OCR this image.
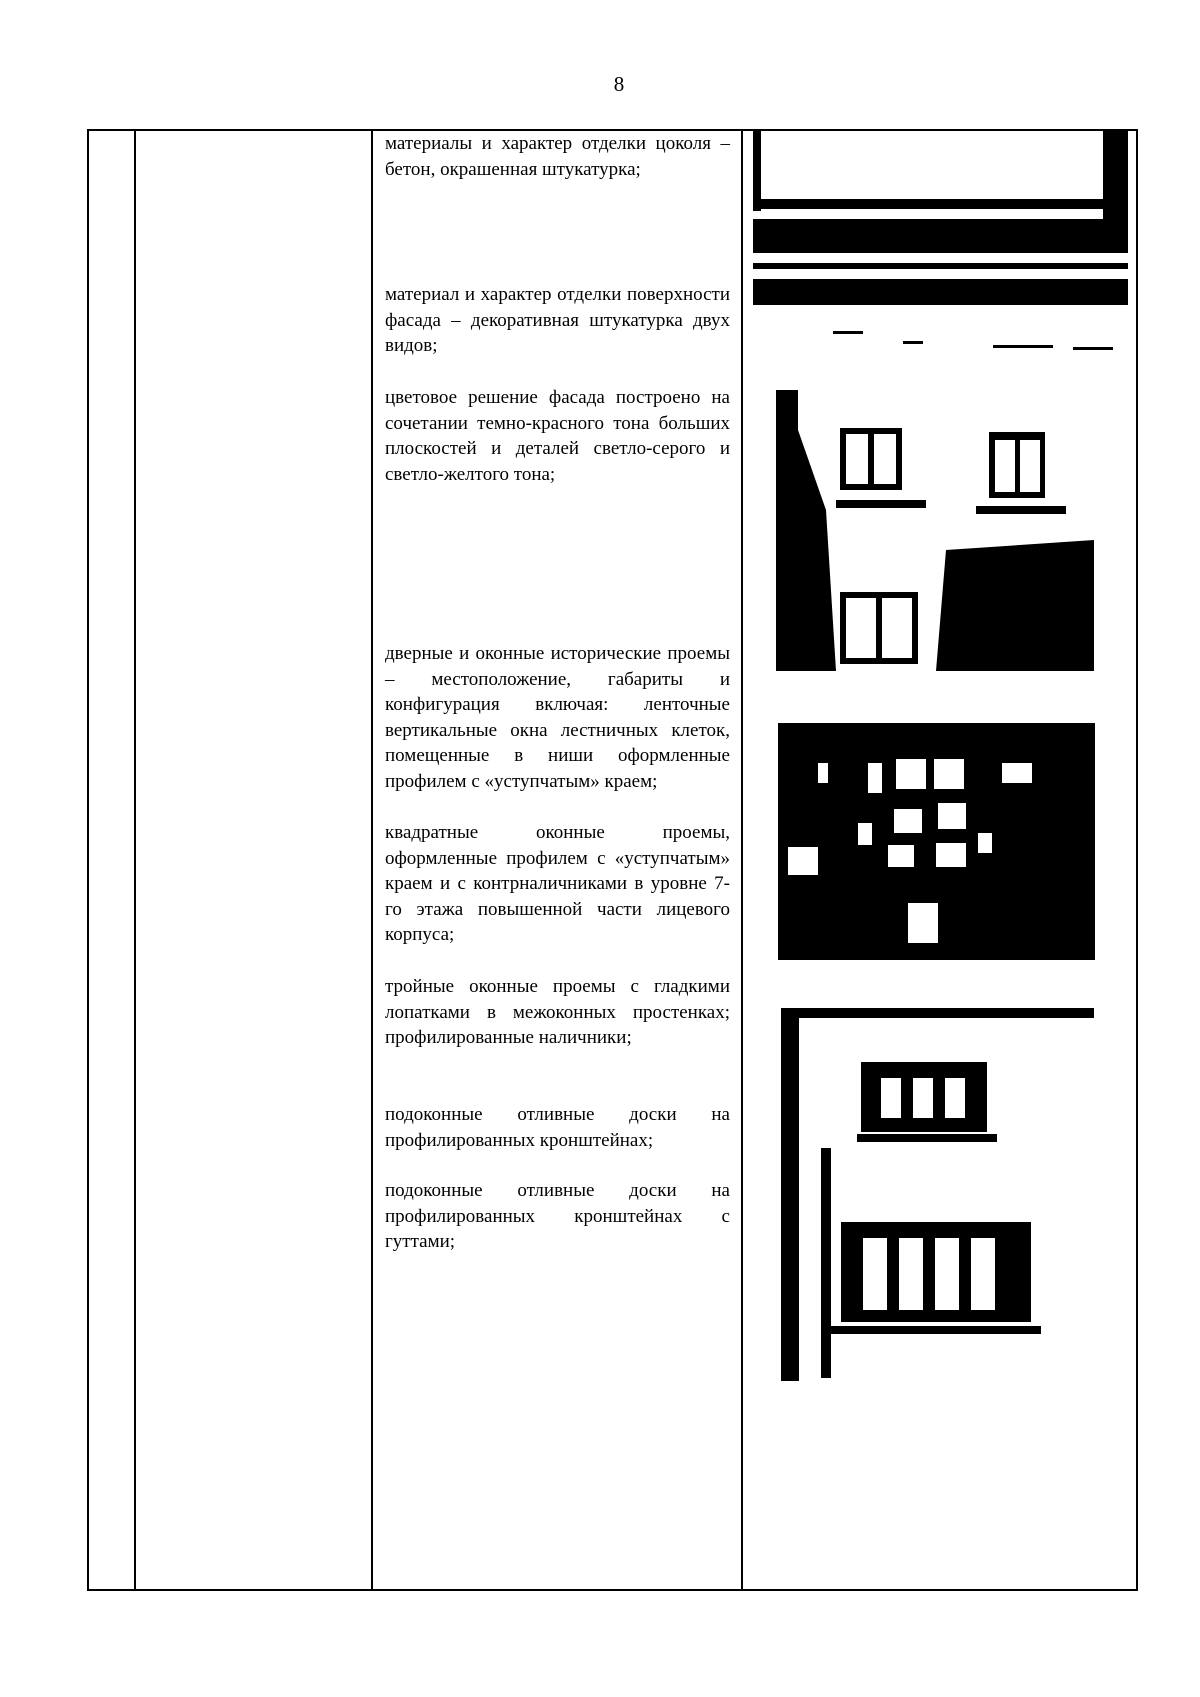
8

материалы и характер отделки цоколя – бетон, окрашенная штукатурка;

материал и характер отделки поверхности фасада – декоративная штукатурка двух видов;

цветовое решение фасада построено на сочетании темно-красного тона больших плоскостей и деталей светло-серого и светло-желтого тона;

дверные и оконные исторические проемы – местоположение, габариты и конфигурация включая: ленточные вертикальные окна лестничных клеток, помещенные в ниши оформленные профилем с «уступчатым» краем;

квадратные оконные проемы, оформленные профилем с «уступчатым» краем и с контрналичниками в уровне 7-го этажа повышенной части лицевого корпуса;

тройные оконные проемы с гладкими лопатками в межоконных простенках; профилированные наличники;

подоконные отливные доски на профилированных кронштейнах;

подоконные отливные доски на профилированных кронштейнах с гуттами;
